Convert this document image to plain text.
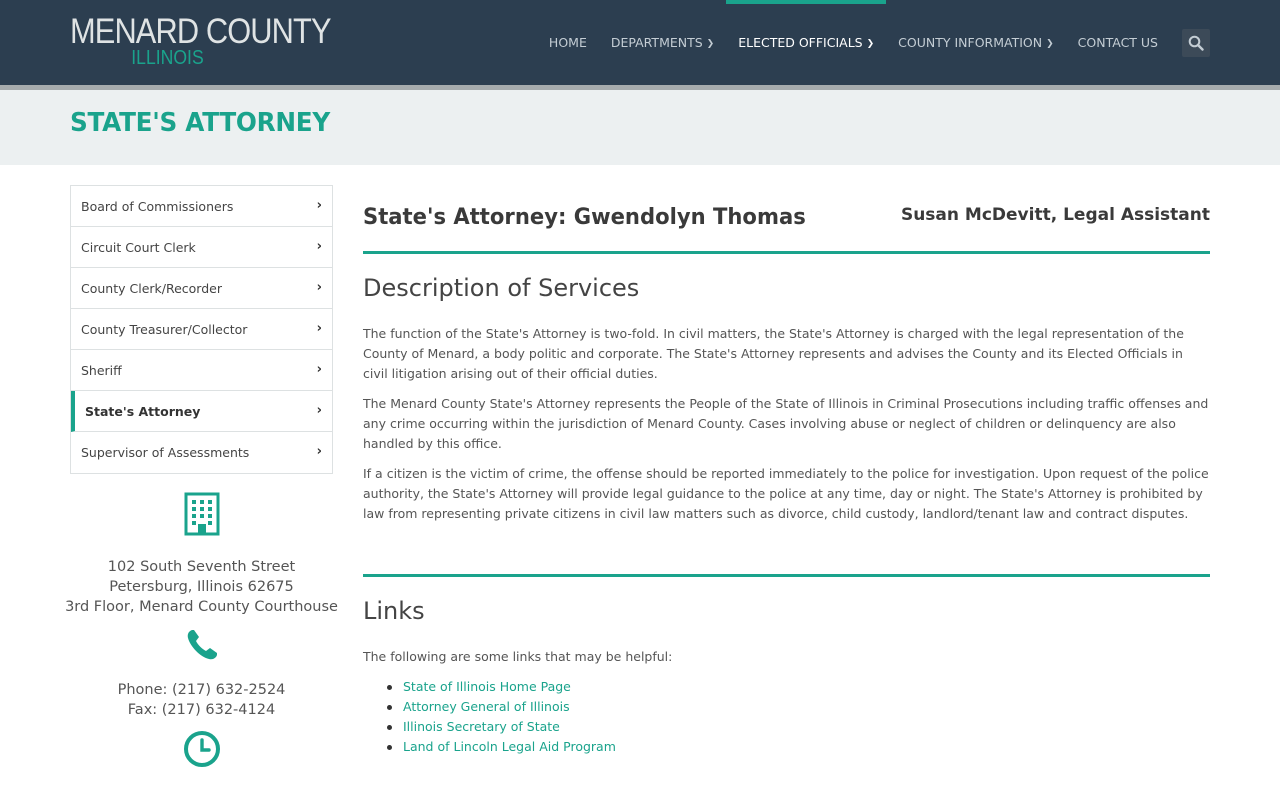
MENARD COUNTY
ILLINOIS
HOME DEPARTMENTS ❯ ELECTED OFFICIALS ❯ COUNTY INFORMATION ❯ CONTACT US
STATE'S ATTORNEY
Board of Commissioners	›
Circuit Court Clerk	›
County Clerk/Recorder	›
County Treasurer/Collector	›
Sheriff	›
State's Attorney	›
Supervisor of Assessments	›
102 South Seventh Street
Petersburg, Illinois 62675
3rd Floor, Menard County Courthouse
Phone: (217) 632-2524
Fax: (217) 632-4124
State's Attorney: Gwendolyn Thomas	Susan McDevitt, Legal Assistant
Description of Services

The function of the State's Attorney is two-fold. In civil matters, the State's Attorney is charged with the legal representation of the County of Menard, a body politic and corporate. The State's Attorney represents and advises the County and its Elected Officials in civil litigation arising out of their official duties.

The Menard County State's Attorney represents the People of the State of Illinois in Criminal Prosecutions including traffic offenses and any crime occurring within the jurisdiction of Menard County. Cases involving abuse or neglect of children or delinquency are also handled by this office.

If a citizen is the victim of crime, the offense should be reported immediately to the police for investigation. Upon request of the police authority, the State's Attorney will provide legal guidance to the police at any time, day or night. The State's Attorney is prohibited by law from representing private citizens in civil law matters such as divorce, child custody, landlord/tenant law and contract disputes.

Links

The following are some links that may be helpful:

State of Illinois Home Page
Attorney General of Illinois
Illinois Secretary of State
Land of Lincoln Legal Aid Program
